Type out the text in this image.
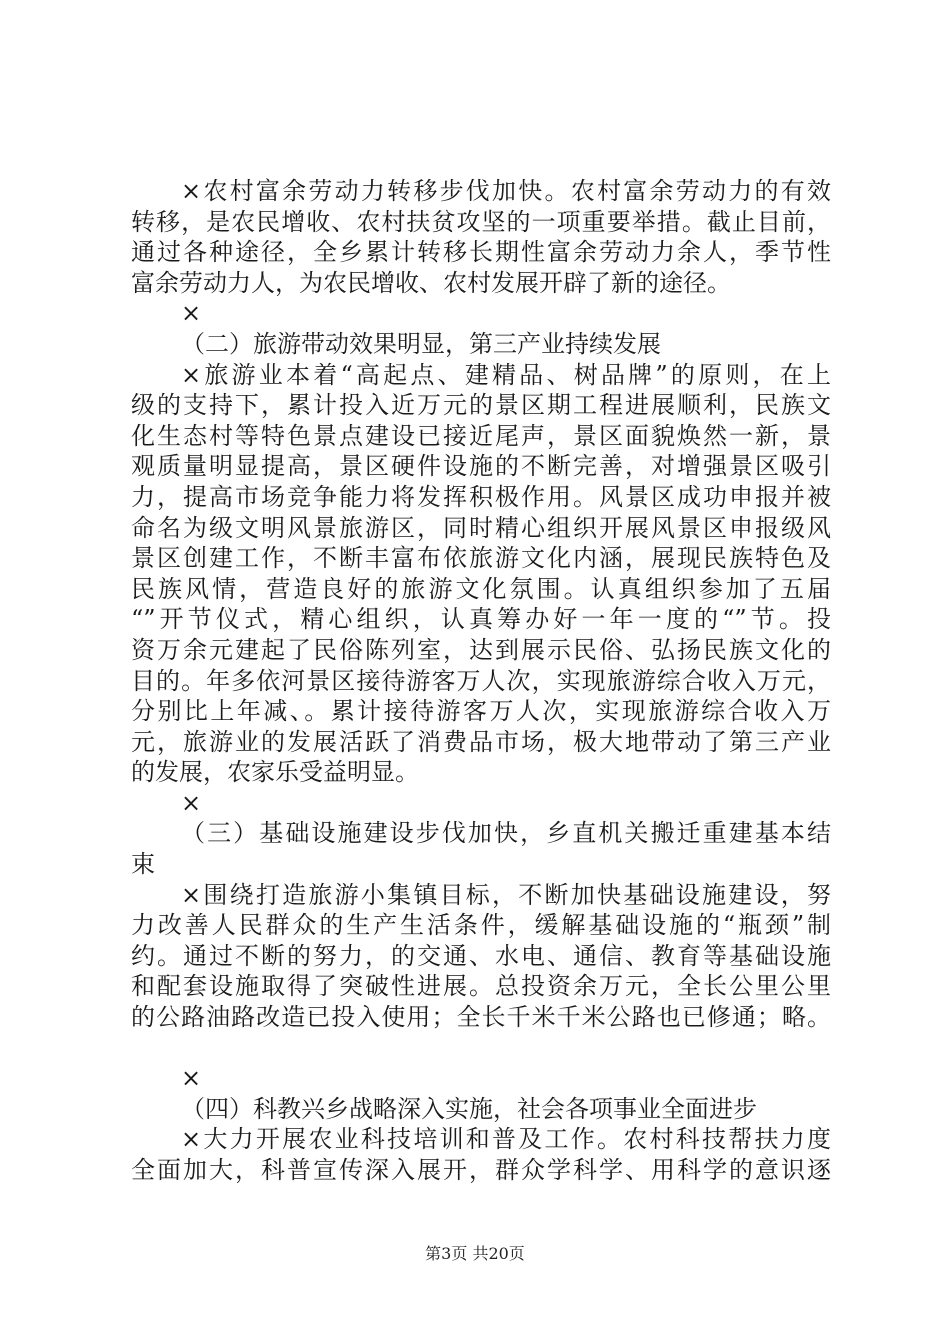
×农村富余劳动力转移步伐加快。农村富余劳动力的有效
转移，是农民增收、农村扶贫攻坚的一项重要举措。截止目前，
通过各种途径，全乡累计转移长期性富余劳动力余人，季节性
富余劳动力人，为农民增收、农村发展开辟了新的途径。
×
（二）旅游带动效果明显，第三产业持续发展
×旅游业本着“高起点、建精品、树品牌”的原则，在上
级的支持下，累计投入近万元的景区期工程进展顺利，民族文
化生态村等特色景点建设已接近尾声，景区面貌焕然一新，景
观质量明显提高，景区硬件设施的不断完善，对增强景区吸引
力，提高市场竞争能力将发挥积极作用。风景区成功申报并被
命名为级文明风景旅游区，同时精心组织开展风景区申报级风
景区创建工作，不断丰富布依旅游文化内涵，展现民族特色及
民族风情，营造良好的旅游文化氛围。认真组织参加了五届
“”开节仪式，精心组织，认真筹办好一年一度的“”节。投
资万余元建起了民俗陈列室，达到展示民俗、弘扬民族文化的
目的。年多依河景区接待游客万人次，实现旅游综合收入万元，
分别比上年减、。累计接待游客万人次，实现旅游综合收入万
元，旅游业的发展活跃了消费品市场，极大地带动了第三产业
的发展，农家乐受益明显。
×
（三）基础设施建设步伐加快，乡直机关搬迁重建基本结
束
×围绕打造旅游小集镇目标，不断加快基础设施建设，努
力改善人民群众的生产生活条件，缓解基础设施的“瓶颈”制
约。通过不断的努力，的交通、水电、通信、教育等基础设施
和配套设施取得了突破性进展。总投资余万元，全长公里公里
的公路油路改造已投入使用；全长千米千米公路也已修通；略。
×
（四）科教兴乡战略深入实施，社会各项事业全面进步
×大力开展农业科技培训和普及工作。农村科技帮扶力度
全面加大，科普宣传深入展开，群众学科学、用科学的意识逐
第3页 共20页
